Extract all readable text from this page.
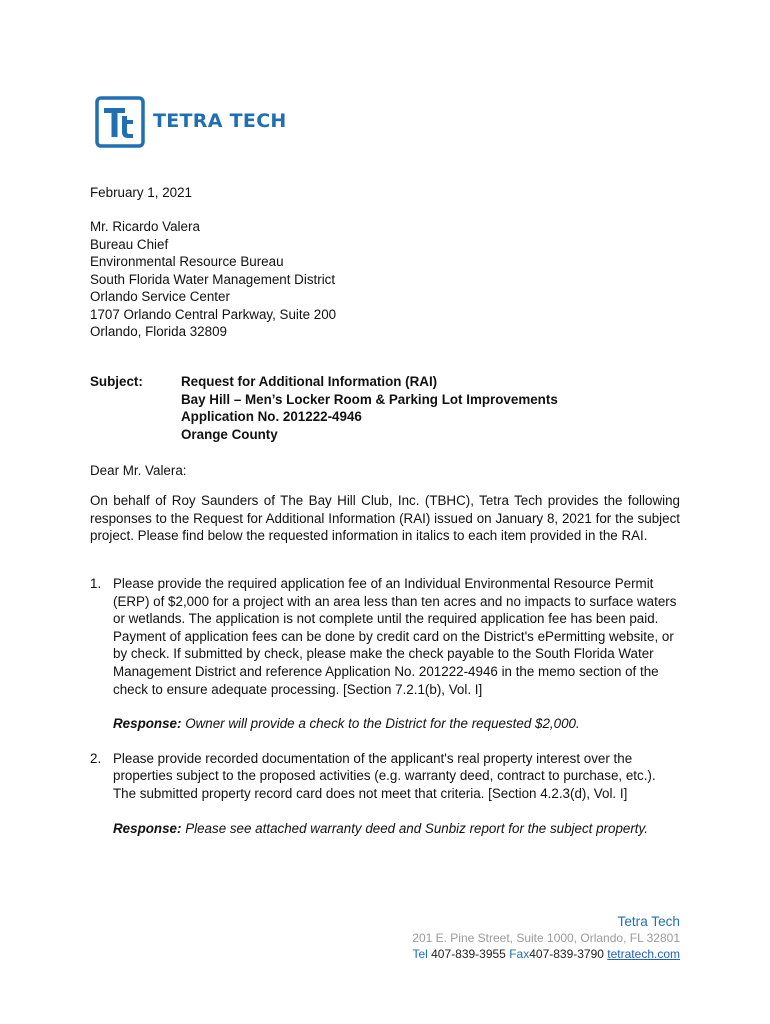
TETRA TECH
February 1, 2021
Mr. Ricardo Valera
Bureau Chief
Environmental Resource Bureau
South Florida Water Management District
Orlando Service Center
1707 Orlando Central Parkway, Suite 200
Orlando, Florida 32809
Subject:	Request for Additional Information (RAI)
Bay Hill – Men’s Locker Room & Parking Lot Improvements
Application No. 201222-4946
Orange County
Dear Mr. Valera:
On behalf of Roy Saunders of The Bay Hill Club, Inc. (TBHC), Tetra Tech provides the following responses to the Request for Additional Information (RAI) issued on January 8, 2021 for the subject project. Please find below the requested information in italics to each item provided in the RAI.
1. Please provide the required application fee of an Individual Environmental Resource Permit (ERP) of $2,000 for a project with an area less than ten acres and no impacts to surface waters or wetlands. The application is not complete until the required application fee has been paid. Payment of application fees can be done by credit card on the District's ePermitting website, or by check. If submitted by check, please make the check payable to the South Florida Water Management District and reference Application No. 201222-4946 in the memo section of the check to ensure adequate processing. [Section 7.2.1(b), Vol. I]
Response: Owner will provide a check to the District for the requested $2,000.
2. Please provide recorded documentation of the applicant's real property interest over the properties subject to the proposed activities (e.g. warranty deed, contract to purchase, etc.). The submitted property record card does not meet that criteria. [Section 4.2.3(d), Vol. I]
Response: Please see attached warranty deed and Sunbiz report for the subject property.
Tetra Tech
201 E. Pine Street, Suite 1000, Orlando, FL 32801
Tel 407-839-3955 Fax407-839-3790 tetratech.com
